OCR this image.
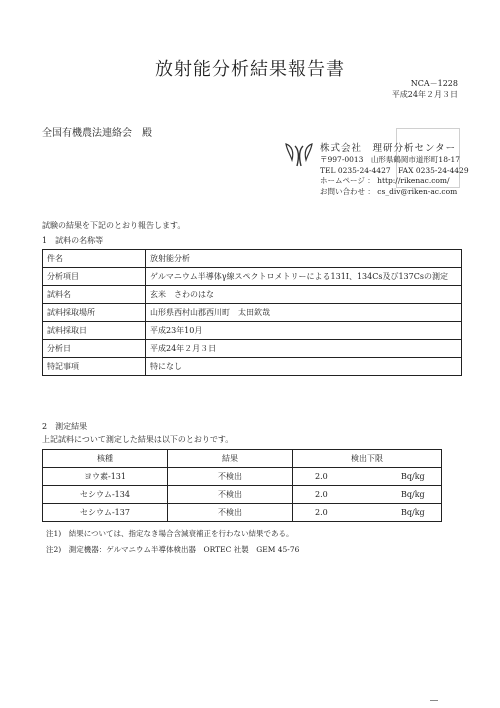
放射能分析結果報告書
NCA－1228
平成24年２月３日
全国有機農法連絡会　殿
株式会社　理研分析センター
〒997-0013　山形県鶴岡市道形町18-17
TEL 0235-24-4427　FAX 0235-24-4429
ホームページ ： http://rikenac.com/
お問い合わせ ： cs_div@riken-ac.com
試験の結果を下記のとおり報告します。
1　試料の名称等
件名	放射能分析
分析項目	ゲルマニウム半導体γ線スペクトロメトリーによる131I、134Cs及び137Csの測定
試料名	玄米　さわのはな
試料採取場所	山形県西村山郡西川町　太田欽哉
試料採取日	平成23年10月
分析日	平成24年２月３日
特記事項	特になし
2　測定結果
上記試料について測定した結果は以下のとおりです。
核種	結果	検出下限
ヨウ素-131	不検出	2.0 Bq/kg
セシウム-134	不検出	2.0 Bq/kg
セシウム-137	不検出	2.0 Bq/kg
注1)　結果については、指定なき場合含減衰補正を行わない結果である。
注2)　測定機器：ゲルマニウム半導体検出器　ORTEC 社製　GEM 45-76
